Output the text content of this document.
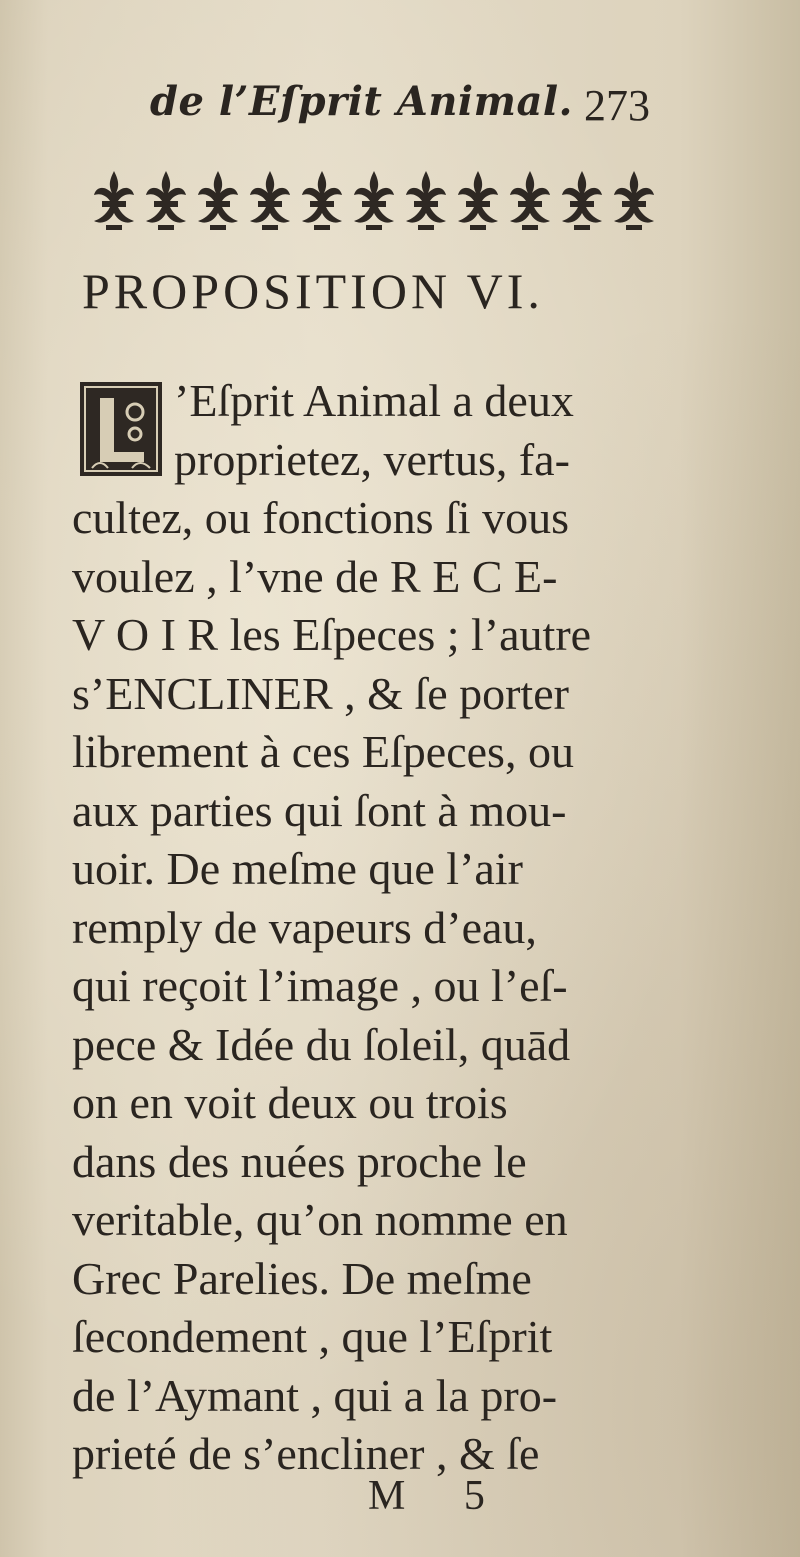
de l’Eſprit Animal. 273
PROPOSITION VI.
’Eſprit Animal a deux
proprietez, vertus, fa-
cultez, ou fonctions ſi vous
voulez , l’vne de R E C E-
V O I R les Eſpeces ; l’autre
s’ENCLINER , & ſe porter
librement à ces Eſpeces, ou
aux parties qui ſont à mou-
uoir. De meſme que l’air
remply de vapeurs d’eau,
qui reçoit l’image , ou l’eſ-
pece & Idée du ſoleil, quād
on en voit deux ou trois
dans des nuées proche le
veritable, qu’on nomme en
Grec Parelies. De meſme
ſecondement , que l’Eſprit
de l’Aymant , qui a la pro-
prieté de s’encliner , & ſe
M 5
